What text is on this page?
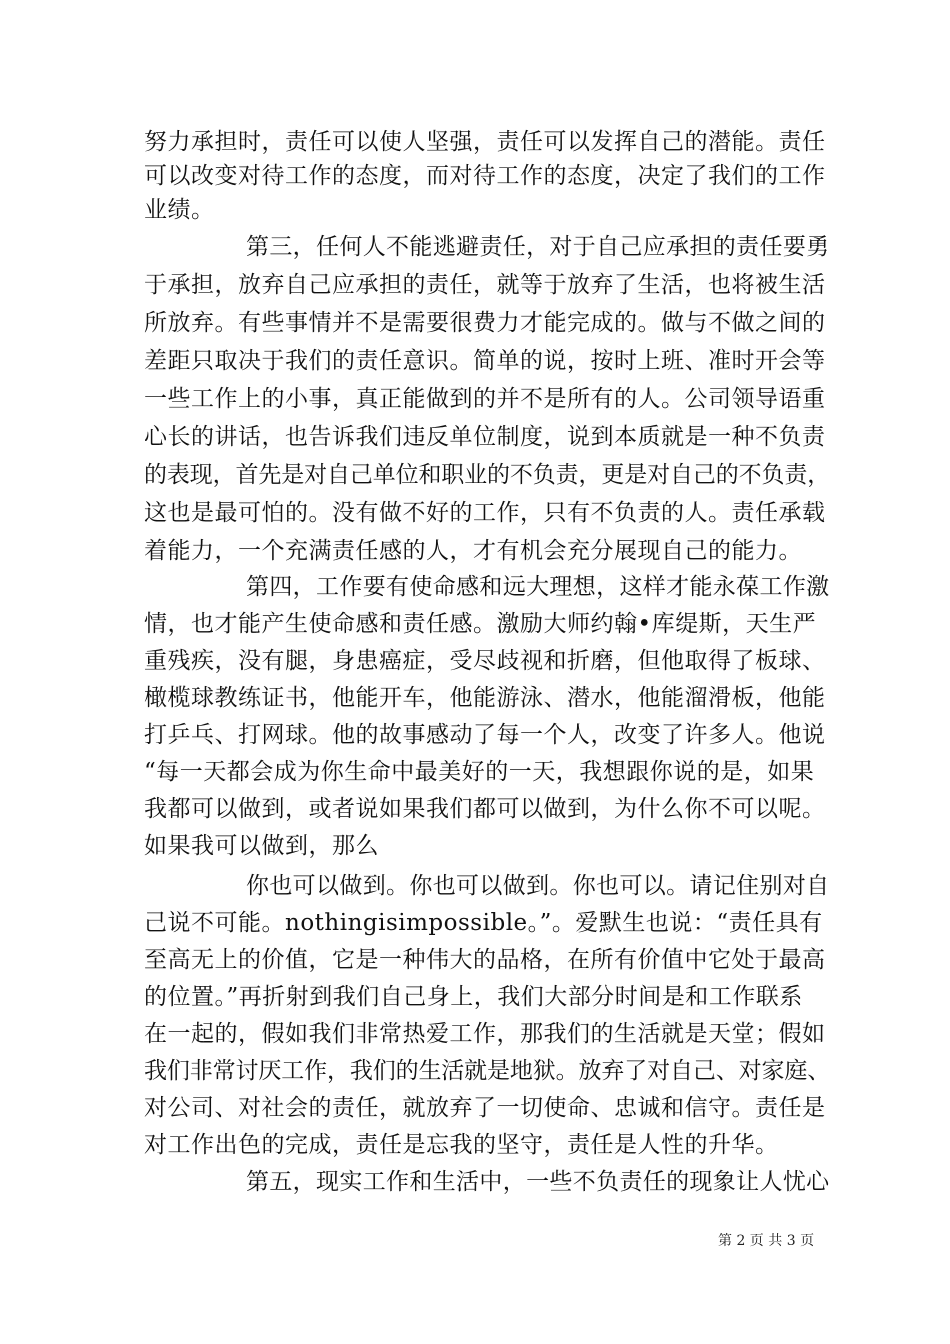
努力承担时，责任可以使人坚强，责任可以发挥自己的潜能。责任
可以改变对待工作的态度，而对待工作的态度，决定了我们的工作
业绩。
第三，任何人不能逃避责任，对于自己应承担的责任要勇
于承担，放弃自己应承担的责任，就等于放弃了生活，也将被生活
所放弃。有些事情并不是需要很费力才能完成的。做与不做之间的
差距只取决于我们的责任意识。简单的说，按时上班、准时开会等
一些工作上的小事，真正能做到的并不是所有的人。公司领导语重
心长的讲话，也告诉我们违反单位制度，说到本质就是一种不负责
的表现，首先是对自己单位和职业的不负责，更是对自己的不负责，
这也是最可怕的。没有做不好的工作，只有不负责的人。责任承载
着能力，一个充满责任感的人，才有机会充分展现自己的能力。
第四，工作要有使命感和远大理想，这样才能永葆工作激
情，也才能产生使命感和责任感。激励大师约翰•库缇斯，天生严
重残疾，没有腿，身患癌症，受尽歧视和折磨，但他取得了板球、
橄榄球教练证书，他能开车，他能游泳、潜水，他能溜滑板，他能
打乒乓、打网球。他的故事感动了每一个人，改变了许多人。他说
“每一天都会成为你生命中最美好的一天，我想跟你说的是，如果
我都可以做到，或者说如果我们都可以做到，为什么你不可以呢。
如果我可以做到，那么
你也可以做到。你也可以做到。你也可以。请记住别对自
己说不可能。nothingisimpossible。”。爱默生也说：“责任具有
至高无上的价值，它是一种伟大的品格，在所有价值中它处于最高
的位置。”再折射到我们自己身上，我们大部分时间是和工作联系
在一起的，假如我们非常热爱工作，那我们的生活就是天堂；假如
我们非常讨厌工作，我们的生活就是地狱。放弃了对自己、对家庭、
对公司、对社会的责任，就放弃了一切使命、忠诚和信守。责任是
对工作出色的完成，责任是忘我的坚守，责任是人性的升华。
第五，现实工作和生活中，一些不负责任的现象让人忧心
第 2 页 共 3 页
